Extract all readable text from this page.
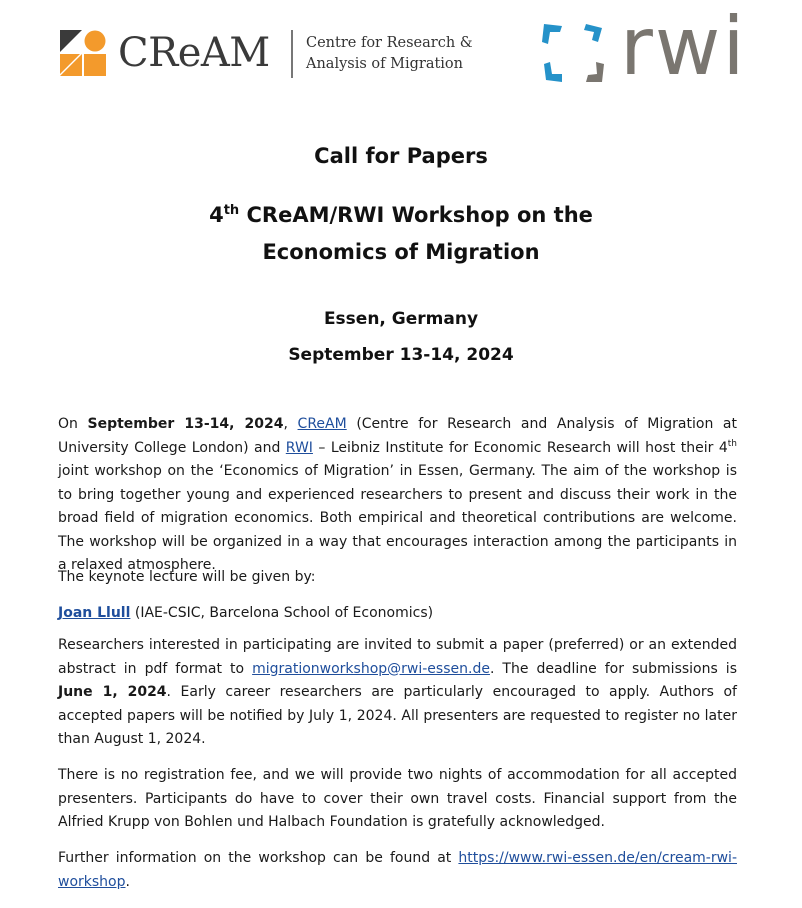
CReAM	Centre for Research &
Analysis of Migration rwi
Call for Papers
4th CReAM/RWI Workshop on the
Economics of Migration
Essen, Germany
September 13-14, 2024

On September 13-14, 2024, CReAM (Centre for Research and Analysis of Migration at University College London) and RWI – Leibniz Institute for Economic Research will host their 4th joint workshop on the ‘Economics of Migration’ in Essen, Germany. The aim of the workshop is to bring together young and experienced researchers to present and discuss their work in the broad field of migration economics. Both empirical and theoretical contributions are welcome. The workshop will be organized in a way that encourages interaction among the participants in a relaxed atmosphere.

The keynote lecture will be given by:

Joan Llull (IAE-CSIC, Barcelona School of Economics)

Researchers interested in participating are invited to submit a paper (preferred) or an extended abstract in pdf format to migrationworkshop@rwi-essen.de. The deadline for submissions is June 1, 2024. Early career researchers are particularly encouraged to apply. Authors of accepted papers will be notified by July 1, 2024. All presenters are requested to register no later than August 1, 2024.

There is no registration fee, and we will provide two nights of accommodation for all accepted presenters. Participants do have to cover their own travel costs. Financial support from the Alfried Krupp von Bohlen und Halbach Foundation is gratefully acknowledged.

Further information on the workshop can be found at https://www.rwi-essen.de/en/cream-rwi-workshop.
